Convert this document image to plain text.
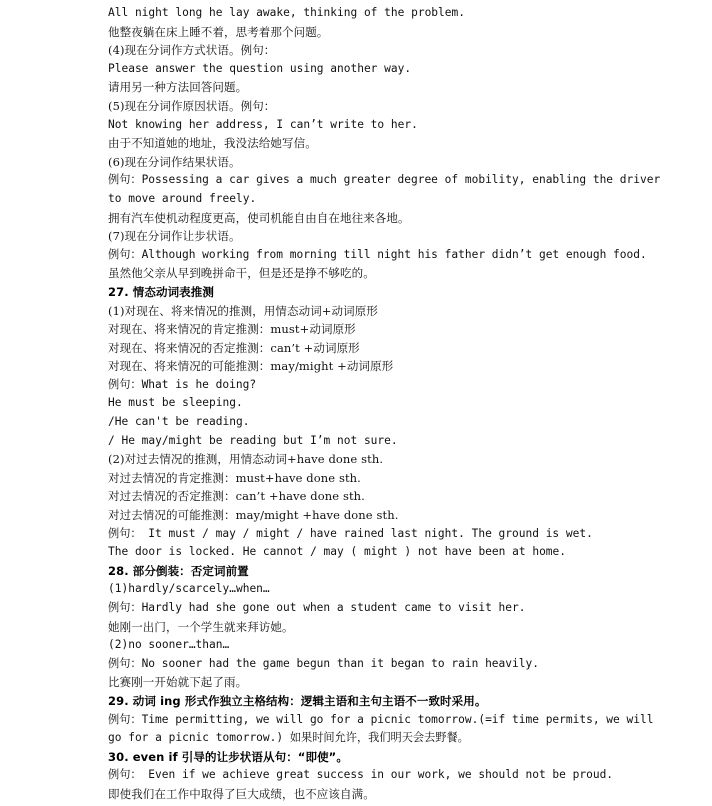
All night long he lay awake, thinking of the problem.
他整夜躺在床上睡不着，思考着那个问题。
(4)现在分词作方式状语。例句：
Please answer the question using another way.
请用另一种方法回答问题。
(5)现在分词作原因状语。例句：
Not knowing her address, I can’t write to her.
由于不知道她的地址，我没法给她写信。
(6)现在分词作结果状语。
例句：Possessing a car gives a much greater degree of mobility, enabling the driver
to move around freely.
拥有汽车使机动程度更高，使司机能自由自在地往来各地。
(7)现在分词作让步状语。
例句：Although working from morning till night his father didn’t get enough food.
虽然他父亲从早到晚拼命干，但是还是挣不够吃的。
27. 情态动词表推测
(1)对现在、将来情况的推测，用情态动词+动词原形
对现在、将来情况的肯定推测：must+动词原形
对现在、将来情况的否定推测：can’t +动词原形
对现在、将来情况的可能推测：may/might +动词原形
例句：What is he doing?
He must be sleeping.
/He can't be reading.
/ He may/might be reading but I’m not sure.
(2)对过去情况的推测，用情态动词+have done sth.
对过去情况的肯定推测：must+have done sth.
对过去情况的否定推测：can’t +have done sth.
对过去情况的可能推测：may/might +have done sth.
例句： It must / may / might / have rained last night. The ground is wet.
The door is locked. He cannot / may ( might ) not have been at home.
28. 部分倒装：否定词前置
(1)hardly/scarcely…when…
例句：Hardly had she gone out when a student came to visit her.
她刚一出门，一个学生就来拜访她。
(2)no sooner…than…
例句：No sooner had the game begun than it began to rain heavily.
比赛刚一开始就下起了雨。
29. 动词 ing 形式作独立主格结构：逻辑主语和主句主语不一致时采用。
例句：Time permitting, we will go for a picnic tomorrow.(=if time permits, we will
go for a picnic tomorrow.) 如果时间允许，我们明天会去野餐。
30. even if 引导的让步状语从句：“即使”。
例句： Even if we achieve great success in our work, we should not be proud.
即使我们在工作中取得了巨大成绩，也不应该自满。
